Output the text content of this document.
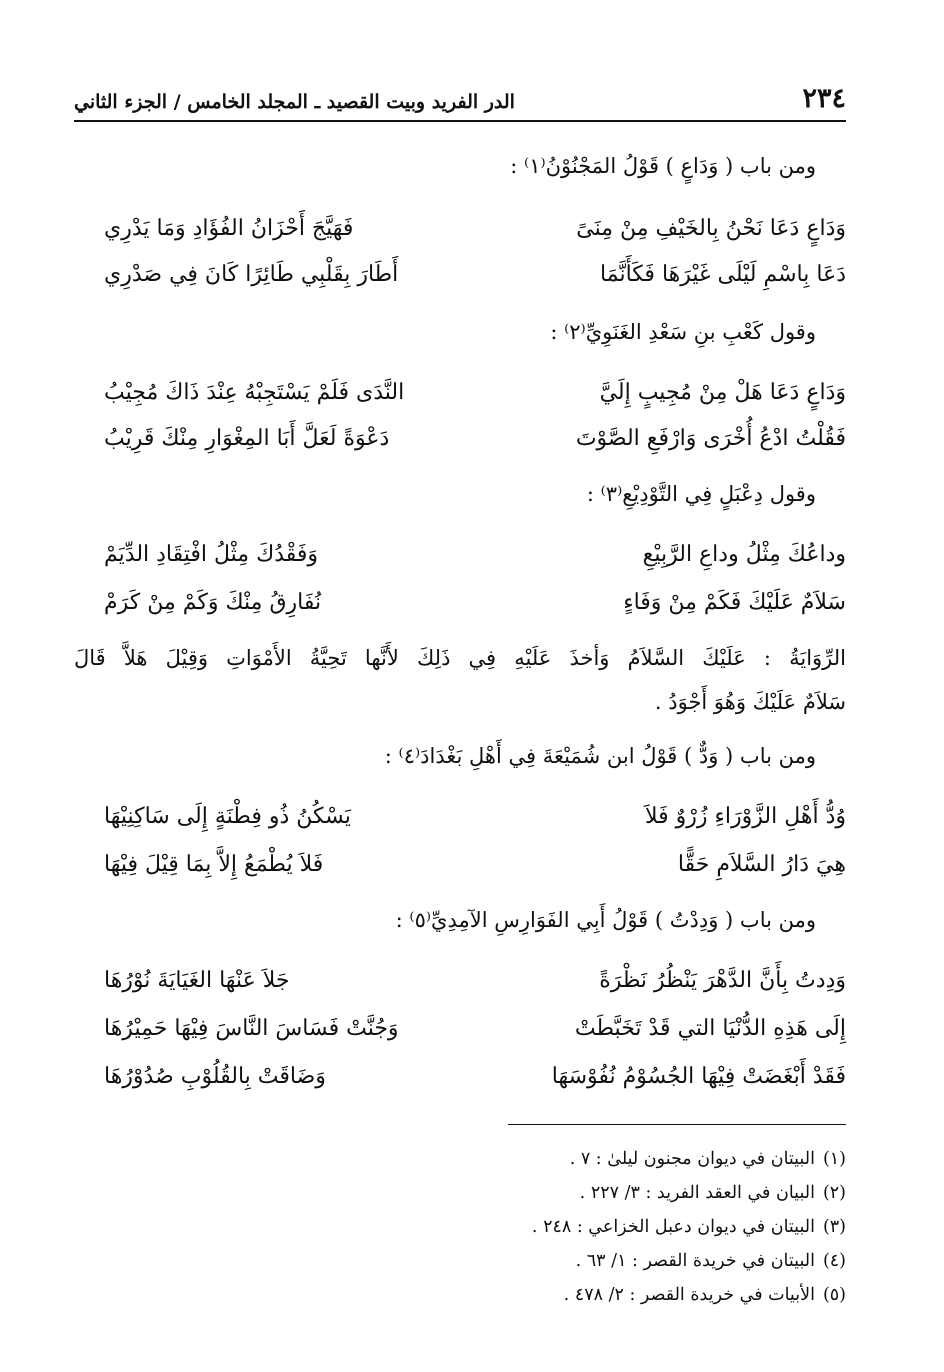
٢٣٤
الدر الفريد وبيت القصيد ـ المجلد الخامس / الجزء الثاني
ومن باب ( وَدَاعٍ ) قَوْلُ المَجْنُوْنُ⁽١⁾ :
وَدَاعٍ دَعَا نَحْنُ بِالخَيْفِ مِنْ مِنَىً
فَهَيَّجَ أَحْزَانُ الفُؤَادِ وَمَا يَدْرِي
دَعَا بِاسْمِ لَيْلَى غَيْرَهَا فَكَأَنَّمَا
أَطَارَ بِقَلْبِي طَائِرًا كَانَ فِي صَدْرِي
وقول كَعْبِ بنِ سَعْدِ الغَنَوِيِّ⁽٢⁾ :
وَدَاعٍ دَعَا هَلْ مِنْ مُجِيبٍ إِلَيَّ
النَّدَى فَلَمْ يَسْتَجِبْهُ عِنْدَ ذَاكَ مُجِيْبُ
فَقُلْتُ ادْعُ أُخْرَى وَارْفَعِ الصَّوْتَ
دَعْوَةً لَعَلَّ أَبَا المِغْوَارِ مِنْكَ قَرِيْبُ
وقول دِعْبَلٍ فِي التَّوْدِيْعِ⁽٣⁾ :
وداعُكَ مِثْلُ وداعِ الرَّبِيْعِ
وَفَقْدُكَ مِثْلُ افْتِقَادِ الدِّيَمْ
سَلاَمٌ عَلَيْكَ فَكَمْ مِنْ وَفَاءٍ
نُفَارِقُ مِنْكَ وَكَمْ مِنْ كَرَمْ
الرِّوَايَةُ : عَلَيْكَ السَّلاَمُ وَأخذَ عَلَيْهِ فِي ذَلِكَ لأَنَّها تَحِيَّةُ الأَمْوَاتِ وَقِيْلَ هَلاَّ قَالَ
سَلاَمٌ عَلَيْكَ وَهُوَ أَجْوَدُ .
ومن باب ( وَدٌّ ) قَوْلُ ابن شُمَيْعَةَ فِي أَهْلِ بَغْدَادَ⁽٤⁾ :
وُدُّ أَهْلِ الزَّوْرَاءِ زُرْوٌ فَلاَ
يَسْكُنُ ذُو فِطْنَةٍ إِلَى سَاكِنِيْهَا
هِيَ دَارُ السَّلاَمِ حَقًّا
فَلاَ يُطْمَعُ إِلاَّ بِمَا قِيْلَ فِيْهَا
ومن باب ( وَدِدْتُ ) قَوْلُ أَبِي الفَوَارِسِ الآمِدِيِّ⁽٥⁾ :
وَدِدتُ بِأَنَّ الدَّهْرَ يَنْظُرُ نَظْرَةً
جَلاَ عَنْهَا الغَيَايَةَ نُوْرُهَا
إِلَى هَذِهِ الدُّنْيَا التي قَدْ تَخَبَّطَتْ
وَجُنَّتْ فَسَاسَ النَّاسَ فِيْهَا حَمِيْرُهَا
فَقَدْ أَبْغَضَتْ فِيْهَا الجُسُوْمُ نُفُوْسَهَا
وَضَاقَتْ بِالقُلُوْبِ صُدُوْرُهَا
(١)البيتان في ديوان مجنون ليلىٰ : ٧ .
(٢)البيان في العقد الفريد : ٣/ ٢٢٧ .
(٣)البيتان في ديوان دعبل الخزاعي : ٢٤٨ .
(٤)البيتان في خريدة القصر : ١/ ٦٣ .
(٥)الأبيات في خريدة القصر : ٢/ ٤٧٨ .
